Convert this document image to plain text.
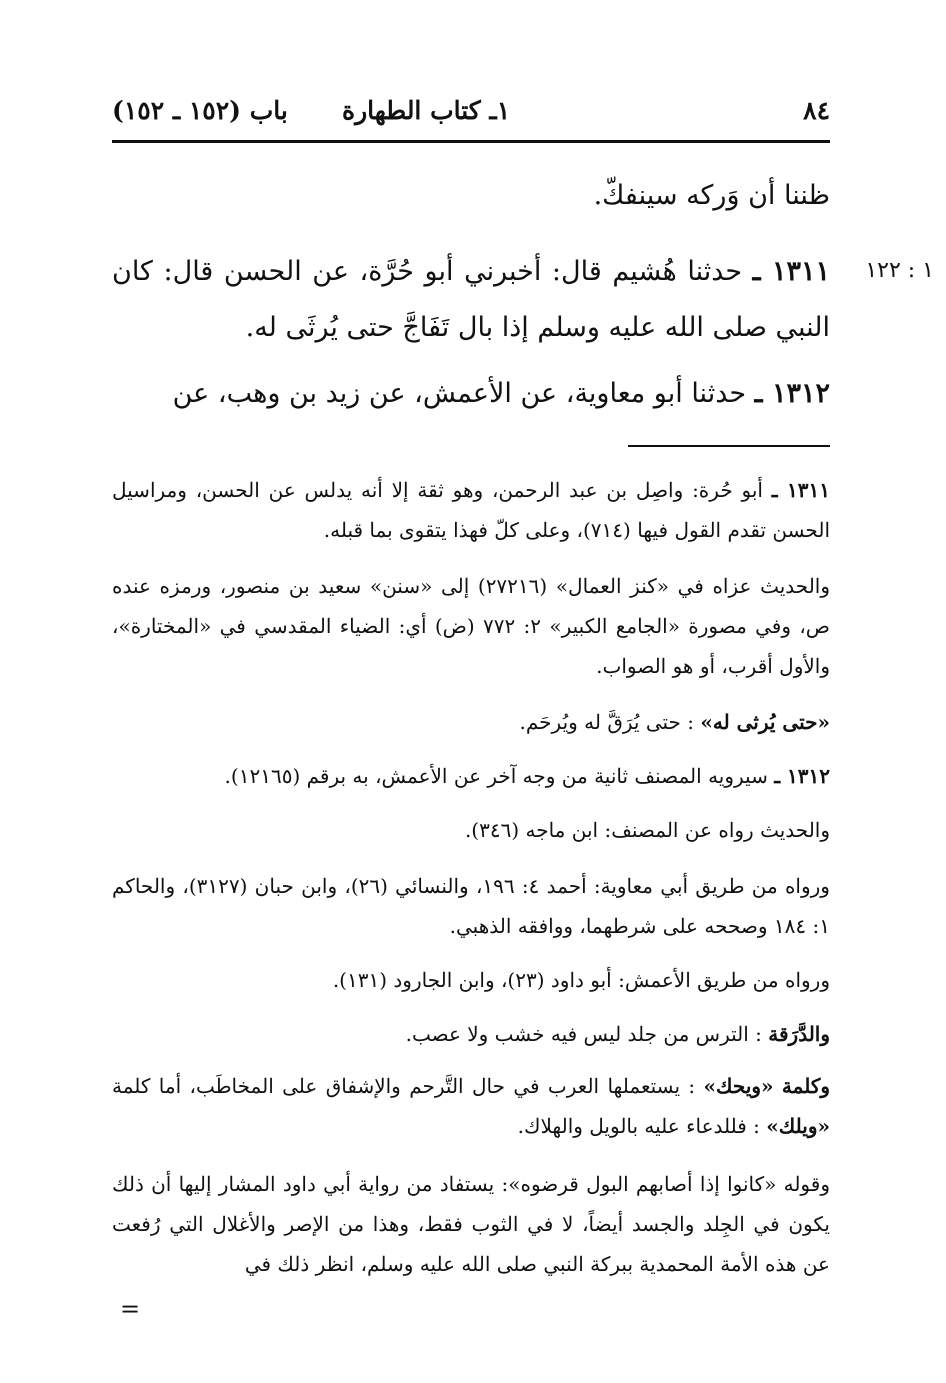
٨٤
١ـ كتاب الطهارة
باب (١٥٢ ـ ١٥٢)
ظننا أن وَركه سينفكّ.
١ : ١٢٢
١٣١١ ـ حدثنا هُشيم قال: أخبرني أبو حُرَّة، عن الحسن قال: كان النبي صلى الله عليه وسلم إذا بال تَفَاجَّ حتى يُرثَى له.
١٣١٢ ـ حدثنا أبو معاوية، عن الأعمش، عن زيد بن وهب، عن
١٣١١ ـ أبو حُرة: واصِل بن عبد الرحمن، وهو ثقة إلا أنه يدلس عن الحسن، ومراسيل الحسن تقدم القول فيها (٧١٤)، وعلى كلّ فهذا يتقوى بما قبله.
والحديث عزاه في «كنز العمال» (٢٧٢١٦) إلى «سنن» سعيد بن منصور، ورمزه عنده ص، وفي مصورة «الجامع الكبير» ٢: ٧٧٢ (ض) أي: الضياء المقدسي في «المختارة»، والأول أقرب، أو هو الصواب.
«حتى يُرثى له» : حتى يُرَقَّ له ويُرحَم.
١٣١٢ ـ سيرويه المصنف ثانية من وجه آخر عن الأعمش، به برقم (١٢١٦٥).
والحديث رواه عن المصنف: ابن ماجه (٣٤٦).
ورواه من طريق أبي معاوية: أحمد ٤: ١٩٦، والنسائي (٢٦)، وابن حبان (٣١٢٧)، والحاكم ١: ١٨٤ وصححه على شرطهما، ووافقه الذهبي.
ورواه من طريق الأعمش: أبو داود (٢٣)، وابن الجارود (١٣١).
والدَّرَقة : الترس من جلد ليس فيه خشب ولا عصب.
وكلمة «ويحك» : يستعملها العرب في حال التَّرحم والإشفاق على المخاطَب، أما كلمة «ويلك» : فللدعاء عليه بالويل والهلاك.
وقوله «كانوا إذا أصابهم البول قرضوه»: يستفاد من رواية أبي داود المشار إليها أن ذلك يكون في الجِلد والجسد أيضاً، لا في الثوب فقط، وهذا من الإصر والأغلال التي رُفعت عن هذه الأمة المحمدية ببركة النبي صلى الله عليه وسلم، انظر ذلك في
=
